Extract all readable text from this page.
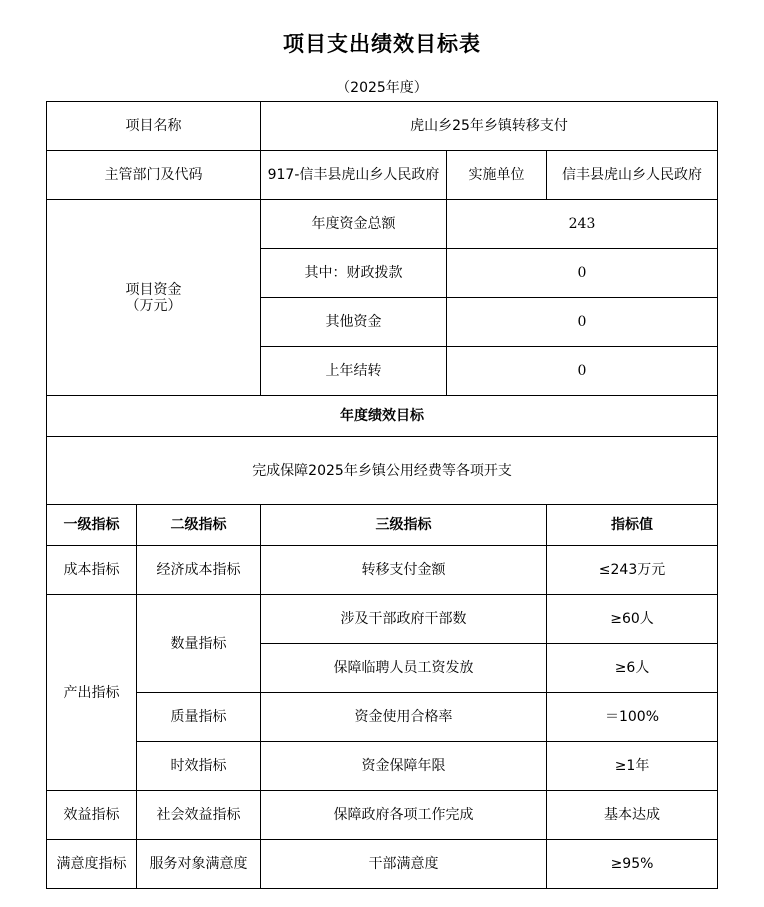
项目支出绩效目标表
（2025年度）
项目名称		虎山乡25年乡镇转移支付		
主管部门及代码		917-信丰县虎山乡人民政府	实施单位	信丰县虎山乡人民政府

项目资金
（万元）		年度资金总额	243	
		其中：财政拨款	0	
		其他资金	0	
		上年结转	0	
年度绩效目标				
完成保障2025年乡镇公用经费等各项开支				
一级指标	二级指标	三级指标		指标值
成本指标	经济成本指标	转移支付金额		≤243万元
产出指标	数量指标	涉及干部政府干部数		≥60人
		保障临聘人员工资发放		≥6人
	质量指标	资金使用合格率		＝100%
	时效指标	资金保障年限		≥1年
效益指标	社会效益指标	保障政府各项工作完成		基本达成
满意度指标	服务对象满意度	干部满意度		≥95%
